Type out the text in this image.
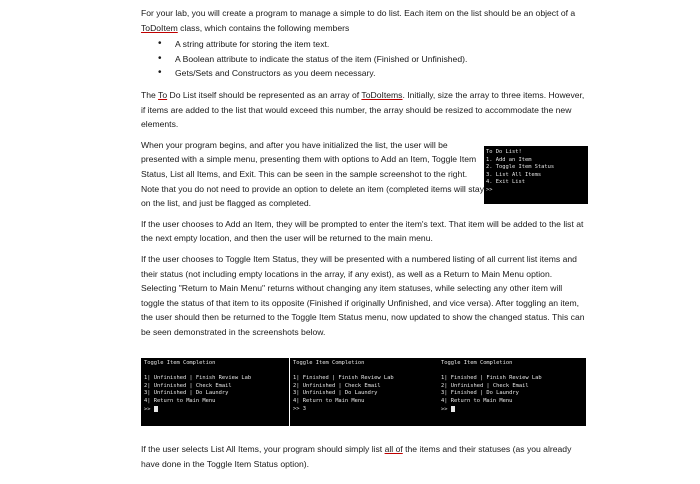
For your lab, you will create a program to manage a simple to do list. Each item on the list should be an object of a ToDoItem class, which contains the following members

• A string attribute for storing the item text.
• A Boolean attribute to indicate the status of the item (Finished or Unfinished).
• Gets/Sets and Constructors as you deem necessary.

The To Do List itself should be represented as an array of ToDoItems. Initially, size the array to three items. However, if items are added to the list that would exceed this number, the array should be resized to accommodate the new elements.

When your program begins, and after you have initialized the list, the user will be presented with a simple menu, presenting them with options to Add an Item, Toggle Item Status, List all Items, and Exit. This can be seen in the sample screenshot to the right. Note that you do not need to provide an option to delete an item (completed items will stay on the list, and just be flagged as completed.

If the user chooses to Add an Item, they will be prompted to enter the item's text. That item will be added to the list at the next empty location, and then the user will be returned to the main menu.

If the user chooses to Toggle Item Status, they will be presented with a numbered listing of all current list items and their status (not including empty locations in the array, if any exist), as well as a Return to Main Menu option. Selecting "Return to Main Menu" returns without changing any item statuses, while selecting any other item will toggle the status of that item to its opposite (Finished if originally Unfinished, and vice versa). After toggling an item, the user should then be returned to the Toggle Item Status menu, now updated to show the changed status. This can be seen demonstrated in the screenshots below.

If the user selects List All Items, your program should simply list all of the items and their statuses (as you already have done in the Toggle Item Status option).

To Do List!
1. Add an Item
2. Toggle Item Status
3. List All Items
4. Exit List
>>
Toggle Item Completion

1| Unfinished | Finish Review Lab
2| Unfinished | Check Email
3| Unfinished | Do Laundry
4| Return to Main Menu
>>
Toggle Item Completion

1| Finished | Finish Review Lab
2| Unfinished | Check Email
3| Unfinished | Do Laundry
4| Return to Main Menu
>> 3
Toggle Item Completion

1| Finished | Finish Review Lab
2| Unfinished | Check Email
3| Finished | Do Laundry
4| Return to Main Menu
>>
